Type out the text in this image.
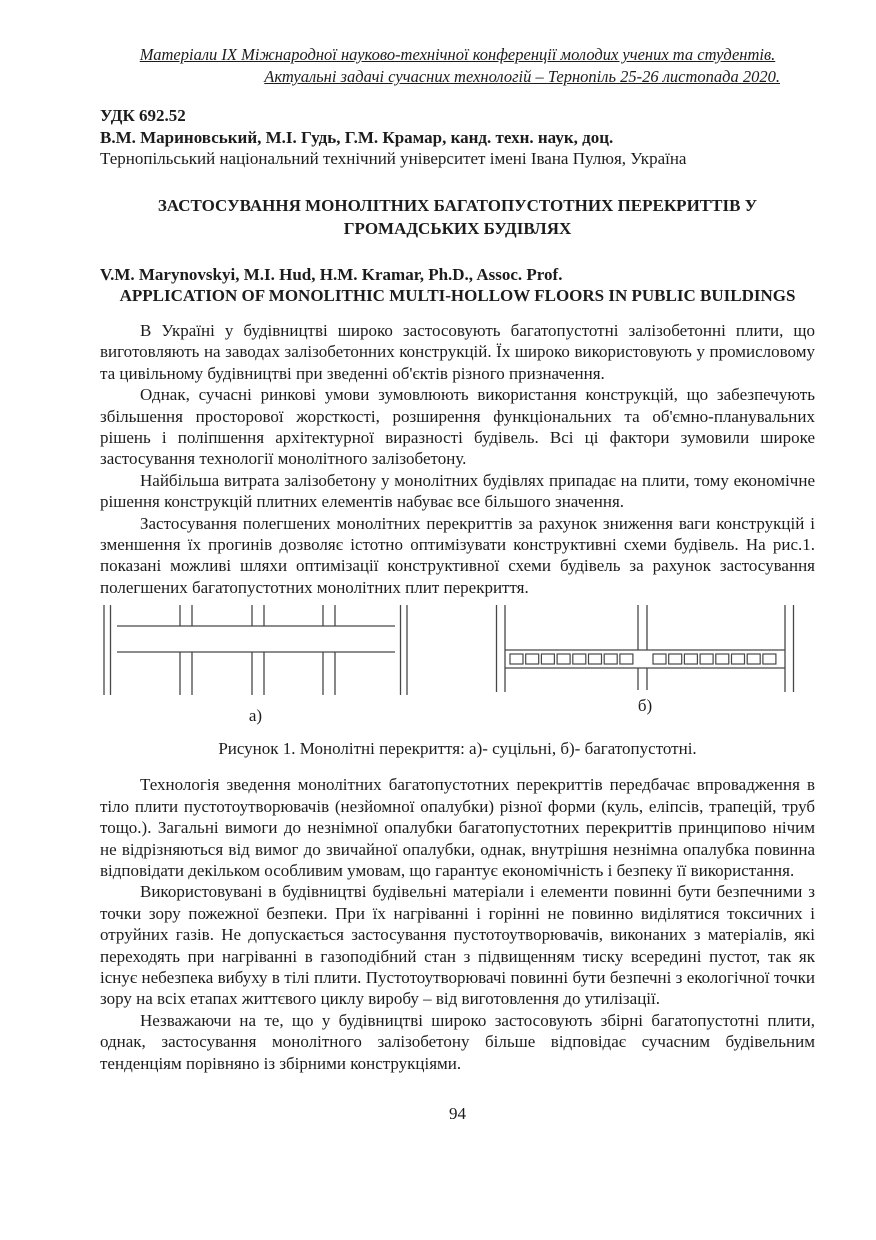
Матеріали IX Міжнародної науково-технічної конференції молодих учених та студентів.
Актуальні задачі сучасних технологій – Тернопіль 25-26 листопада 2020.
УДК 692.52
В.М. Мариновський, М.І. Гудь, Г.М. Крамар, канд. техн. наук, доц.
Тернопільський національний технічний університет імені Івана Пулюя, Україна
ЗАСТОСУВАННЯ МОНОЛІТНИХ БАГАТОПУСТОТНИХ ПЕРЕКРИТТІВ У ГРОМАДСЬКИХ БУДІВЛЯХ
V.M. Marynovskyi, M.I. Hud, H.M. Kramar, Ph.D., Assoc. Prof.
APPLICATION OF MONOLITHIC MULTI-HOLLOW FLOORS IN PUBLIC BUILDINGS

В Україні у будівництві широко застосовують багатопустотні залізобетонні плити, що виготовляють на заводах залізобетонних конструкцій. Їх широко використовують у промисловому та цивільному будівництві при зведенні об'єктів різного призначення.

Однак, сучасні ринкові умови зумовлюють використання конструкцій, що забезпечують збільшення просторової жорсткості, розширення функціональних та об'ємно-планувальних рішень і поліпшення архітектурної виразності будівель. Всі ці фактори зумовили широке застосування технології монолітного залізобетону.

Найбільша витрата залізобетону у монолітних будівлях припадає на плити, тому економічне рішення конструкцій плитних елементів набуває все більшого значення.

Застосування полегшених монолітних перекриттів за рахунок зниження ваги конструкцій і зменшення їх прогинів дозволяє істотно оптимізувати конструктивні схеми будівель. На рис.1. показані можливі шляхи оптимізації конструктивної схеми будівель за рахунок застосування полегшених багатопустотних монолітних плит перекриття.

а)
б)
Рисунок 1. Монолітні перекриття: а)- суцільні, б)- багатопустотні.

Технологія зведення монолітних багатопустотних перекриттів передбачає впровадження в тіло плити пустотоутворювачів (незйомної опалубки) різної форми (куль, еліпсів, трапецій, труб тощо.). Загальні вимоги до незнімної опалубки багатопустотних перекриттів принципово нічим не відрізняються від вимог до звичайної опалубки, однак, внутрішня незнімна опалубка повинна відповідати декільком особливим умовам, що гарантує економічність і безпеку її використання.

Використовувані в будівництві будівельні матеріали і елементи повинні бути безпечними з точки зору пожежної безпеки. При їх нагріванні і горінні не повинно виділятися токсичних і отруйних газів. Не допускається застосування пустотоутворювачів, виконаних з матеріалів, які переходять при нагріванні в газоподібний стан з підвищенням тиску всередині пустот, так як існує небезпека вибуху в тілі плити. Пустотоутворювачі повинні бути безпечні з екологічної точки зору на всіх етапах життєвого циклу виробу – від виготовлення до утилізації.

Незважаючи на те, що у будівництві широко застосовують збірні багатопустотні плити, однак, застосування монолітного залізобетону більше відповідає сучасним будівельним тенденціям порівняно із збірними конструкціями.

94
